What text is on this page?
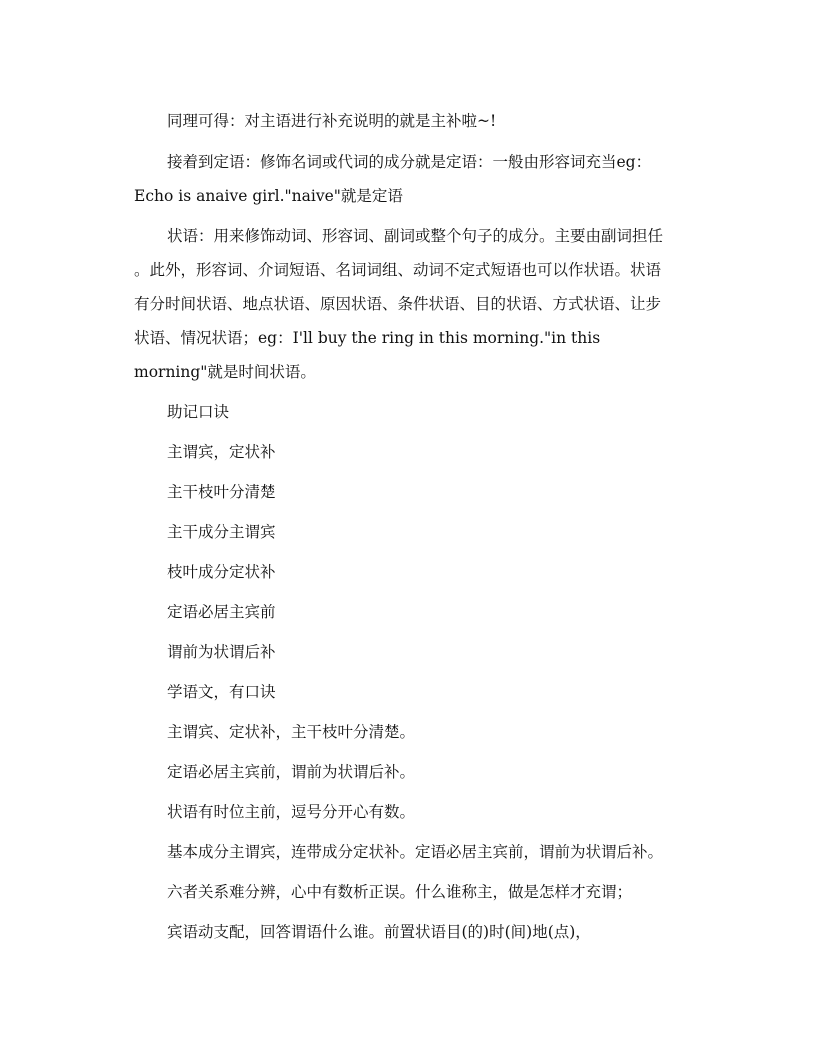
同理可得：对主语进行补充说明的就是主补啦~!
接着到定语：修饰名词或代词的成分就是定语：一般由形容词充当eg：
Echo is anaive girl."naive"就是定语
状语：用来修饰动词、形容词、副词或整个句子的成分。主要由副词担任
。此外，形容词、介词短语、名词词组、动词不定式短语也可以作状语。状语
有分时间状语、地点状语、原因状语、条件状语、目的状语、方式状语、让步
状语、情况状语；eg：I'll buy the ring in this morning."in this
morning"就是时间状语。
助记口诀
主谓宾，定状补
主干枝叶分清楚
主干成分主谓宾
枝叶成分定状补
定语必居主宾前
谓前为状谓后补
学语文，有口诀
主谓宾、定状补，主干枝叶分清楚。
定语必居主宾前，谓前为状谓后补。
状语有时位主前，逗号分开心有数。
基本成分主谓宾，连带成分定状补。定语必居主宾前，谓前为状谓后补。
六者关系难分辨，心中有数析正误。什么谁称主，做是怎样才充谓；
宾语动支配，回答谓语什么谁。前置状语目(的)时(间)地(点)，
